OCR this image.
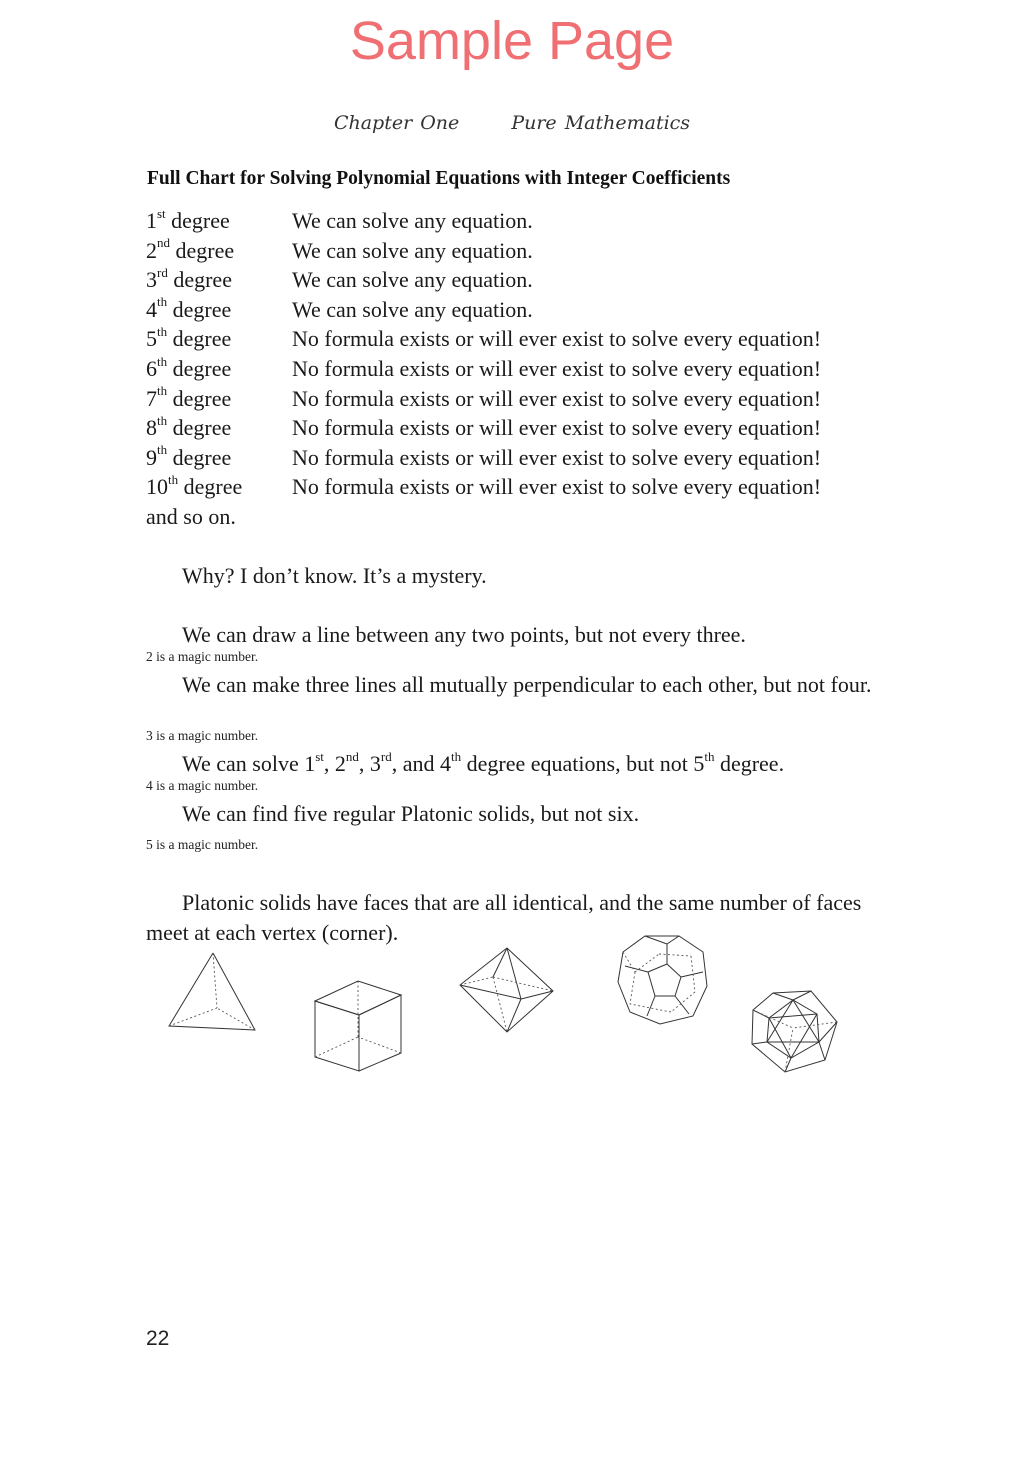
Sample Page
Chapter One	Pure Mathematics
Full Chart for Solving Polynomial Equations with Integer Coefficients
1st degree	We can solve any equation.
2nd degree	We can solve any equation.
3rd degree	We can solve any equation.
4th degree	We can solve any equation.
5th degree	No formula exists or will ever exist to solve every equation!
6th degree	No formula exists or will ever exist to solve every equation!
7th degree	No formula exists or will ever exist to solve every equation!
8th degree	No formula exists or will ever exist to solve every equation!
9th degree	No formula exists or will ever exist to solve every equation!
10th degree No formula exists or will ever exist to solve every equation!
and so on.
Why? I don’t know. It’s a mystery.
We can draw a line between any two points, but not every three.
2 is a magic number.
We can make three lines all mutually perpendicular to each other, but not four.
3 is a magic number.
We can solve 1st, 2nd, 3rd, and 4th degree equations, but not 5th degree.
4 is a magic number.
We can find five regular Platonic solids, but not six.
5 is a magic number.
Platonic solids have faces that are all identical, and the same number of faces meet at each vertex (corner).
22
